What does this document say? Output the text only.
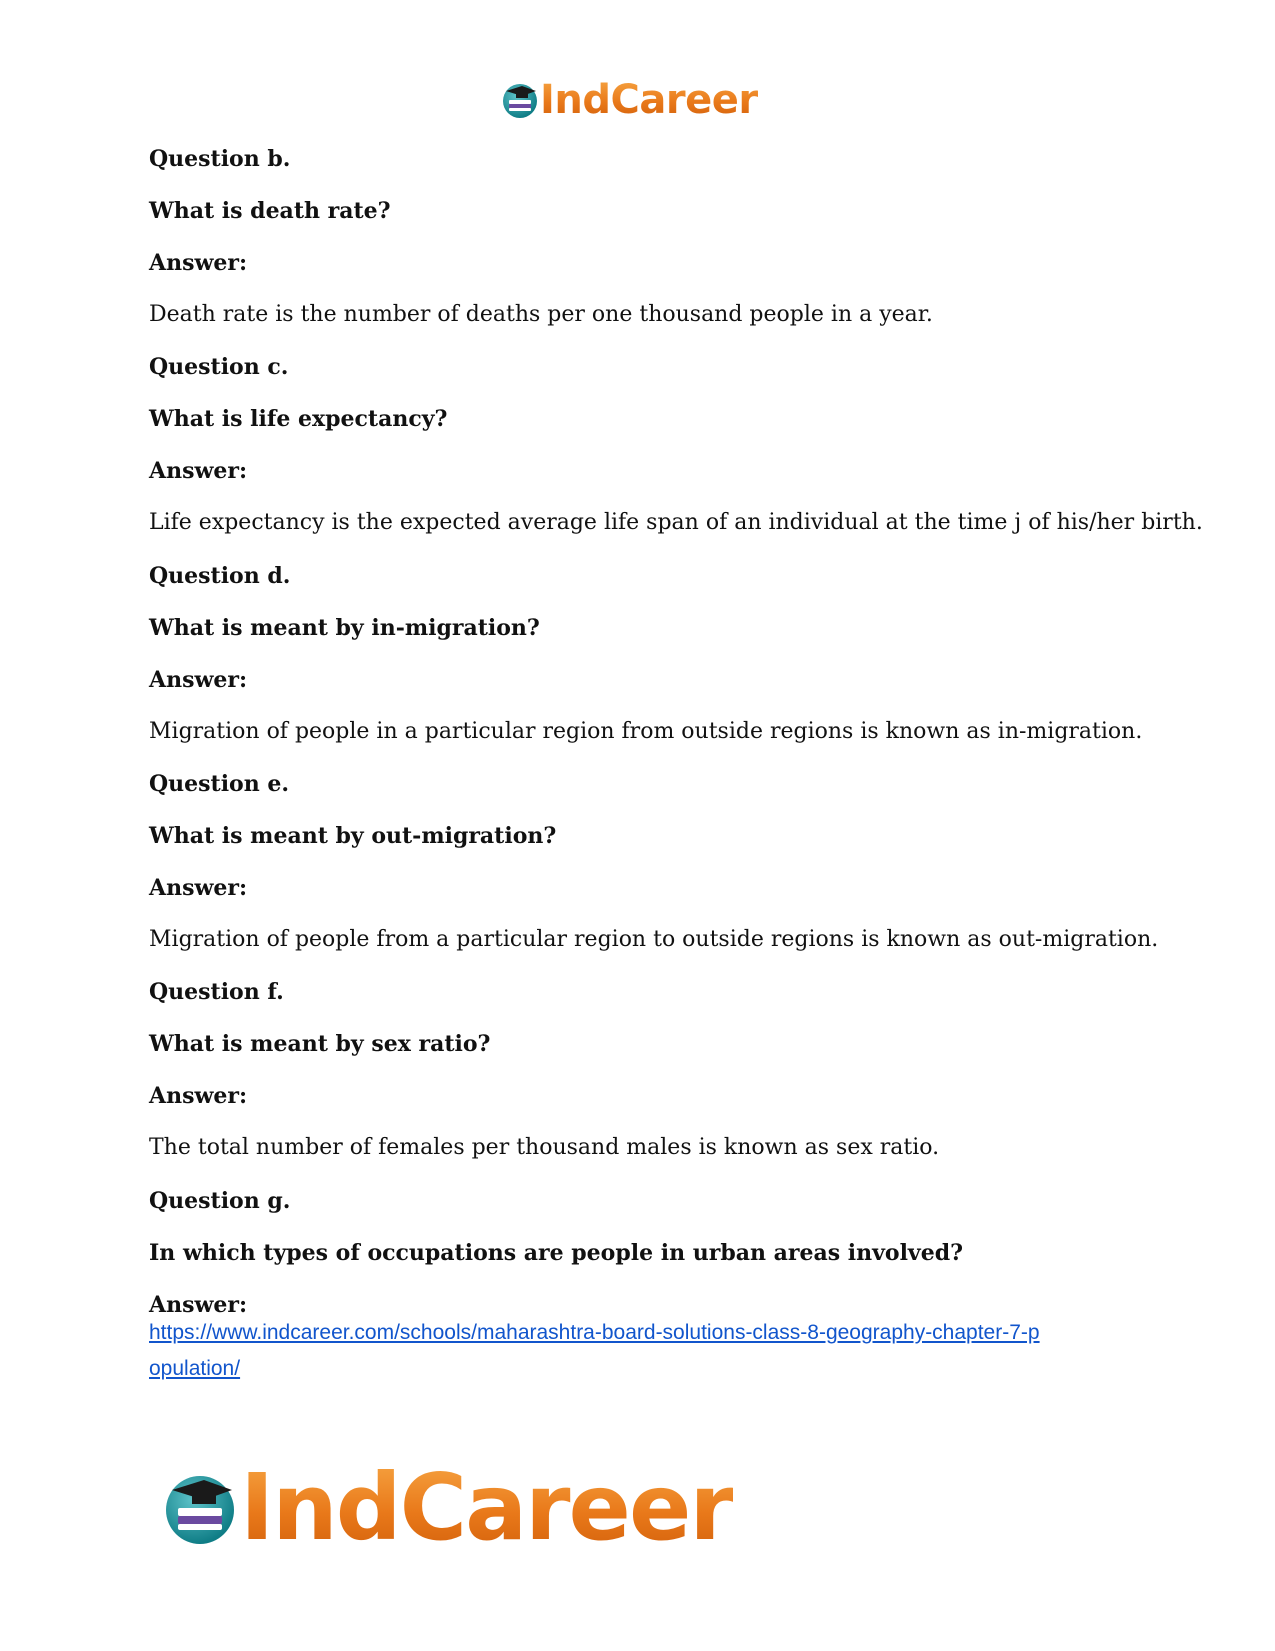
IndCareer
Question b.
What is death rate?
Answer:
Death rate is the number of deaths per one thousand people in a year.
Question c.
What is life expectancy?
Answer:
Life expectancy is the expected average life span of an individual at the time j of his/her birth.
Question d.
What is meant by in-migration?
Answer:
Migration of people in a particular region from outside regions is known as in-migration.
Question e.
What is meant by out-migration?
Answer:
Migration of people from a particular region to outside regions is known as out-migration.
Question f.
What is meant by sex ratio?
Answer:
The total number of females per thousand males is known as sex ratio.
Question g.
In which types of occupations are people in urban areas involved?
Answer:
https://www.indcareer.com/schools/maharashtra-board-solutions-class-8-geography-chapter-7-p
opulation/
IndCareer
